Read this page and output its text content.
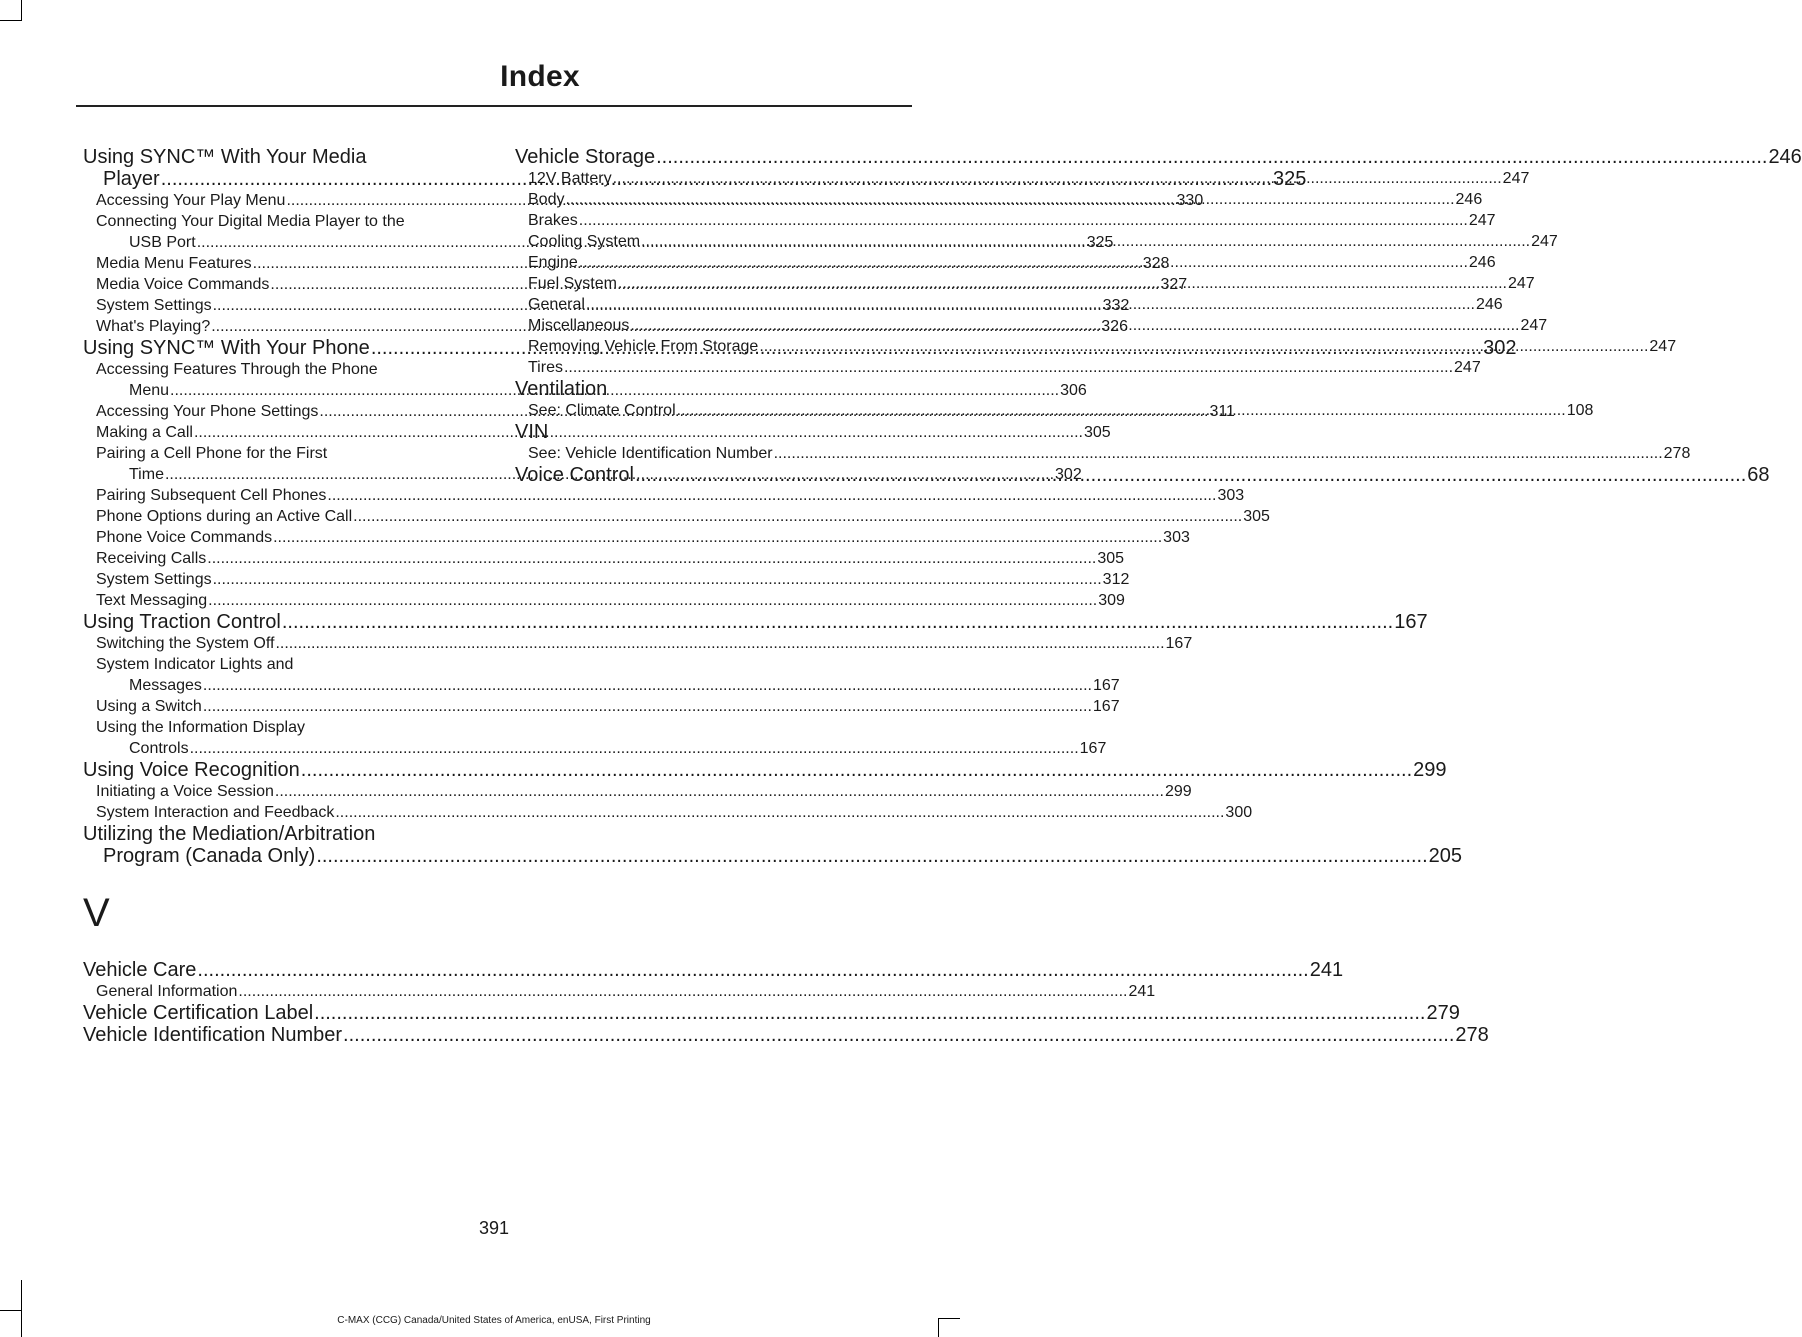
Index
Using SYNC™ With Your Media
Player .....	325
Accessing Your Play Menu .....	330
Connecting Your Digital Media Player to the
USB Port .....	325
Media Menu Features .....	328
Media Voice Commands .....	327
System Settings .....	332
What's Playing? .....	326
Using SYNC™ With Your Phone .....	302
Accessing Features Through the Phone
Menu .....	306
Accessing Your Phone Settings .....	311
Making a Call .....	305
Pairing a Cell Phone for the First
Time .....	302
Pairing Subsequent Cell Phones .....	303
Phone Options during an Active Call .....	305
Phone Voice Commands .....	303
Receiving Calls .....	305
System Settings .....	312
Text Messaging .....	309
Using Traction Control .....	167
Switching the System Off .....	167
System Indicator Lights and
Messages .....	167
Using a Switch .....	167
Using the Information Display
Controls .....	167
Using Voice Recognition .....	299
Initiating a Voice Session .....	299
System Interaction and Feedback .....	300
Utilizing the Mediation/Arbitration
Program (Canada Only) .....	205
V
Vehicle Care .....	241
General Information .....	241
Vehicle Certification Label .....	279
Vehicle Identification Number .....	278
Vehicle Storage .....	246
12V Battery .....	247
Body .....	246
Brakes .....	247
Cooling System .....	247
Engine .....	246
Fuel System .....	247
General .....	246
Miscellaneous .....	247
Removing Vehicle From Storage .....	247
Tires .....	247
Ventilation
See: Climate Control .....	108
VIN
See: Vehicle Identification Number .....	278
Voice Control .....	68
391
C-MAX (CCG) Canada/United States of America, enUSA, First Printing
